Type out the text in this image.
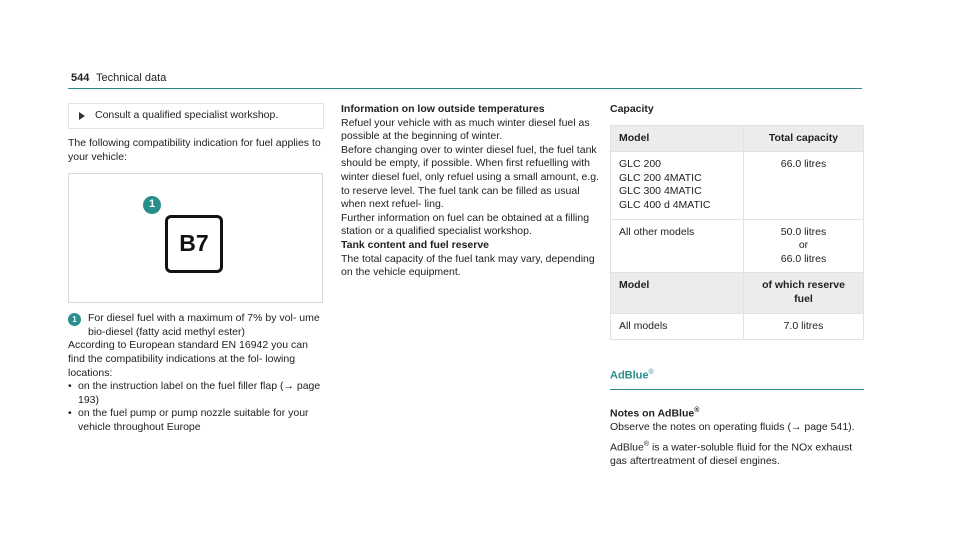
544 Technical data
Consult a qualified specialist workshop.

The following compatibility indication for fuel applies to your vehicle:

1
B7
1	For diesel fuel with a maximum of 7% by vol- ume bio-diesel (fatty acid methyl ester)

According to European standard EN 16942 you can find the compatibility indications at the fol- lowing locations:

• on the instruction label on the fuel filler flap (→ page 193)
• on the fuel pump or pump nozzle suitable for your vehicle throughout Europe

Information on low outside temperatures

Refuel your vehicle with as much winter diesel fuel as possible at the beginning of winter.

Before changing over to winter diesel fuel, the fuel tank should be empty, if possible. When first refuelling with winter diesel fuel, only refuel using a small amount, e.g. to reserve level. The fuel tank can be filled as usual when next refuel- ling.

Further information on fuel can be obtained at a filling station or a qualified specialist workshop.

Tank content and fuel reserve

The total capacity of the fuel tank may vary, depending on the vehicle equipment.

Capacity

Model	Total capacity

GLC 200
GLC 200 4MATIC
GLC 300 4MATIC
GLC 400 d 4MATIC	66.0 litres
All other models	50.0 litres
or
66.0 litres

Model	of which reserve fuel
All models	7.0 litres
AdBlue®

Notes on AdBlue®

Observe the notes on operating fluids (→ page 541).

AdBlue® is a water-soluble fluid for the NOx exhaust gas aftertreatment of diesel engines.
